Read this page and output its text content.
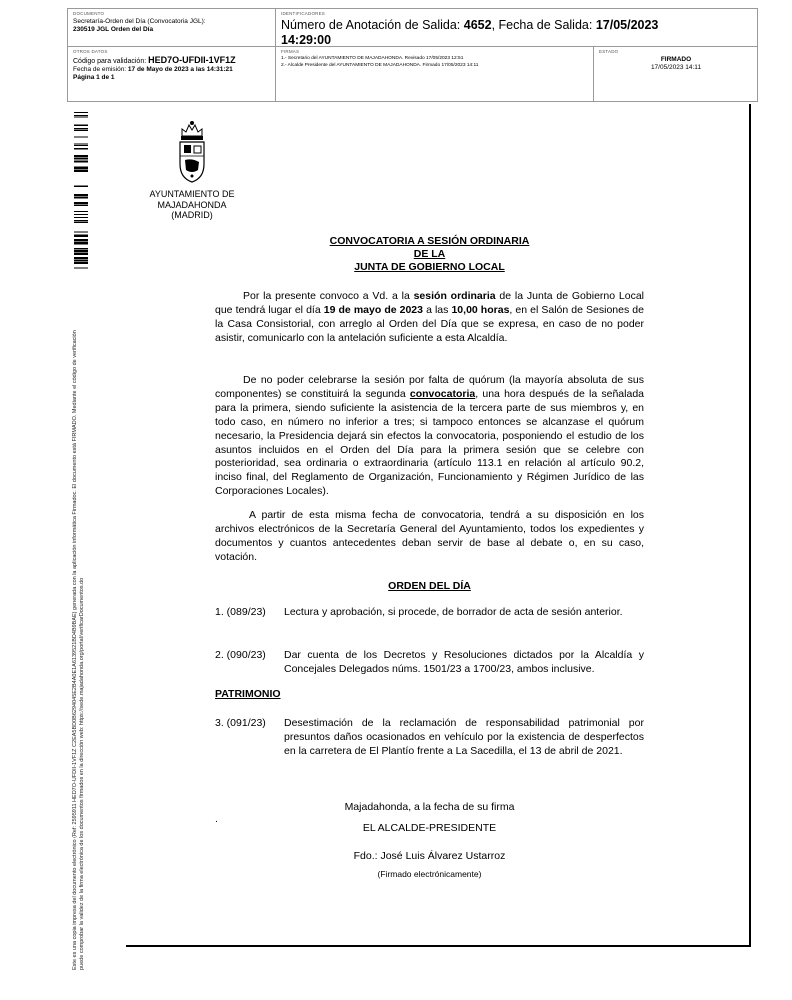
DOCUMENTO
Secretaría-Orden del Día (Convocatoria JGL):
230519 JGL Orden del Día
IDENTIFICADORES
Número de Anotación de Salida: 4652, Fecha de Salida: 17/05/2023
14:29:00
OTROS DATOS
Código para validación: HED7O-UFDII-1VF1Z
Fecha de emisión: 17 de Mayo de 2023 a las 14:31:21
Página 1 de 1
FIRMAS
1.- Secretario del AYUNTAMIENTO DE MAJADAHONDA. Revisado 17/05/2023 12:51
2.- Alcalde Presidente del AYUNTAMIENTO DE MAJADAHONDA. Firmado 17/05/2023 14:11
ESTADO
FIRMADO
17/05/2023 14:11
Este es una copia impresa del documento electrónico (Ref: 2595911 HED7O-UFDII-1VF1Z C2EA5BD0B6294045E2B4A0E1A6139521BD4B9BAE) generada con la aplicación informática Firmadoc. El documento está FIRMADO. Mediante el código de verificación puede comprobar la validez de la firma electrónica de los documentos firmados en la dirección web: https://sede.majadahonda.org/portal/verificarDocumentos.do
AYUNTAMIENTO DE
MAJADAHONDA
(MADRID)
CONVOCATORIA A SESIÓN ORDINARIA
DE LA
JUNTA DE GOBIERNO LOCAL
Por la presente convoco a Vd. a la sesión ordinaria de la Junta de Gobierno Local que tendrá lugar el día 19 de mayo de 2023 a las 10,00 horas, en el Salón de Sesiones de la Casa Consistorial, con arreglo al Orden del Día que se expresa, en caso de no poder asistir, comunicarlo con la antelación suficiente a esta Alcaldía.
De no poder celebrarse la sesión por falta de quórum (la mayoría absoluta de sus componentes) se constituirá la segunda convocatoria, una hora después de la señalada para la primera, siendo suficiente la asistencia de la tercera parte de sus miembros y, en todo caso, en número no inferior a tres; si tampoco entonces se alcanzase el quórum necesario, la Presidencia dejará sin efectos la convocatoria, posponiendo el estudio de los asuntos incluidos en el Orden del Día para la primera sesión que se celebre con posterioridad, sea ordinaria o extraordinaria (artículo 113.1 en relación al artículo 90.2, inciso final, del Reglamento de Organización, Funcionamiento y Régimen Jurídico de las Corporaciones Locales).
A partir de esta misma fecha de convocatoria, tendrá a su disposición en los archivos electrónicos de la Secretaría General del Ayuntamiento, todos los expedientes y documentos y cuantos antecedentes deban servir de base al debate o, en su caso, votación.
ORDEN DEL DÍA
1. (089/23)	Lectura y aprobación, si procede, de borrador de acta de sesión anterior.
2. (090/23)	Dar cuenta de los Decretos y Resoluciones dictados por la Alcaldía y Concejales Delegados núms. 1501/23 a 1700/23, ambos inclusive.
PATRIMONIO
3. (091/23)	Desestimación de la reclamación de responsabilidad patrimonial por presuntos daños ocasionados en vehículo por la existencia de desperfectos en la carretera de El Plantío frente a La Sacedilla, el 13 de abril de 2021.
.
Majadahonda, a la fecha de su firma
EL ALCALDE-PRESIDENTE
Fdo.: José Luis Álvarez Ustarroz
(Firmado electrónicamente)
